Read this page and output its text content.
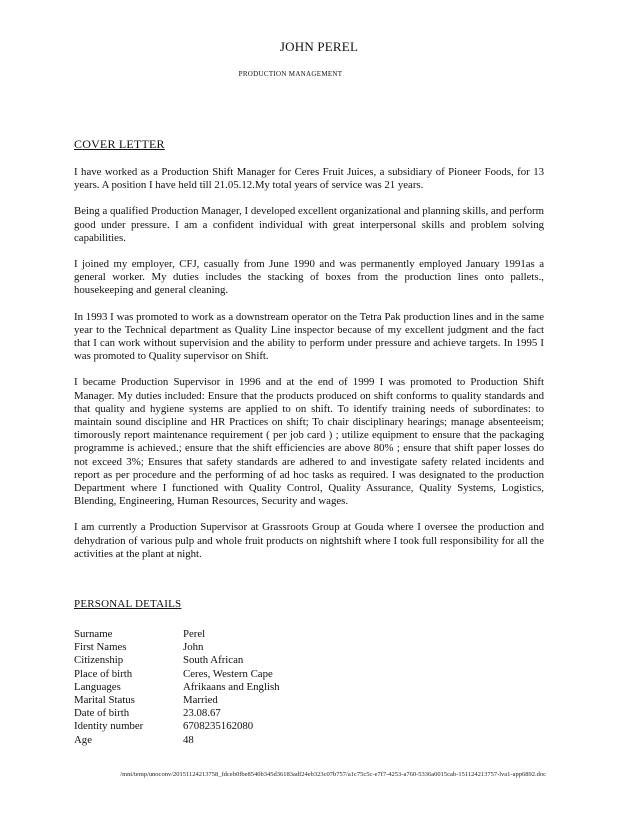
JOHN PEREL
PRODUCTION MANAGEMENT
COVER LETTER

I have worked as a Production Shift Manager for Ceres Fruit Juices, a subsidiary of Pioneer Foods, for 13 years. A position I have held till 21.05.12.My total years of service was 21 years.

Being a qualified Production Manager, I developed excellent organizational and planning skills, and perform good under pressure. I am a confident individual with great interpersonal skills and problem solving capabilities.

I joined my employer, CFJ, casually from June 1990 and was permanently employed January 1991as a general worker. My duties includes the stacking of boxes from the production lines onto pallets., housekeeping and general cleaning.

In 1993 I was promoted to work as a downstream operator on the Tetra Pak production lines and in the same year to the Technical department as Quality Line inspector because of my excellent judgment and the fact that I can work without supervision and the ability to perform under pressure and achieve targets. In 1995 I was promoted to Quality supervisor on Shift.

I became Production Supervisor in 1996 and at the end of 1999 I was promoted to Production Shift Manager. My duties included: Ensure that the products produced on shift conforms to quality standards and that quality and hygiene systems are applied to on shift. To identify training needs of subordinates: to maintain sound discipline and HR Practices on shift; To chair disciplinary hearings; manage absenteeism; timorously report maintenance requirement ( per job card ) ; utilize equipment to ensure that the packaging programme is achieved.; ensure that the shift efficiencies are above 80% ; ensure that shift paper losses do not exceed 3%; Ensures that safety standards are adhered to and investigate safety related incidents and report as per procedure and the performing of ad hoc tasks as required. I was designated to the production Department where I functioned with Quality Control, Quality Assurance, Quality Systems, Logistics, Blending, Engineering, Human Resources, Security and wages.

I am currently a Production Supervisor at Grassroots Group at Gouda where I oversee the production and dehydration of various pulp and whole fruit products on nightshift where I took full responsibility for all the activities at the plant at night.

PERSONAL DETAILS
Surname	Perel
First Names	John
Citizenship	South African
Place of birth	Ceres, Western Cape
Languages	Afrikaans and English
Marital Status	Married
Date of birth	23.08.67
Identity number	6708235162080
Age	48
/mnt/temp/unoconv/20151124213758_fdceb0fbe8540b345d3618​3adf24eb323c07b757/a1c75c5c-e7f7-4253-a760-5336a0015cab-151124213757-lva1-app6892.doc
